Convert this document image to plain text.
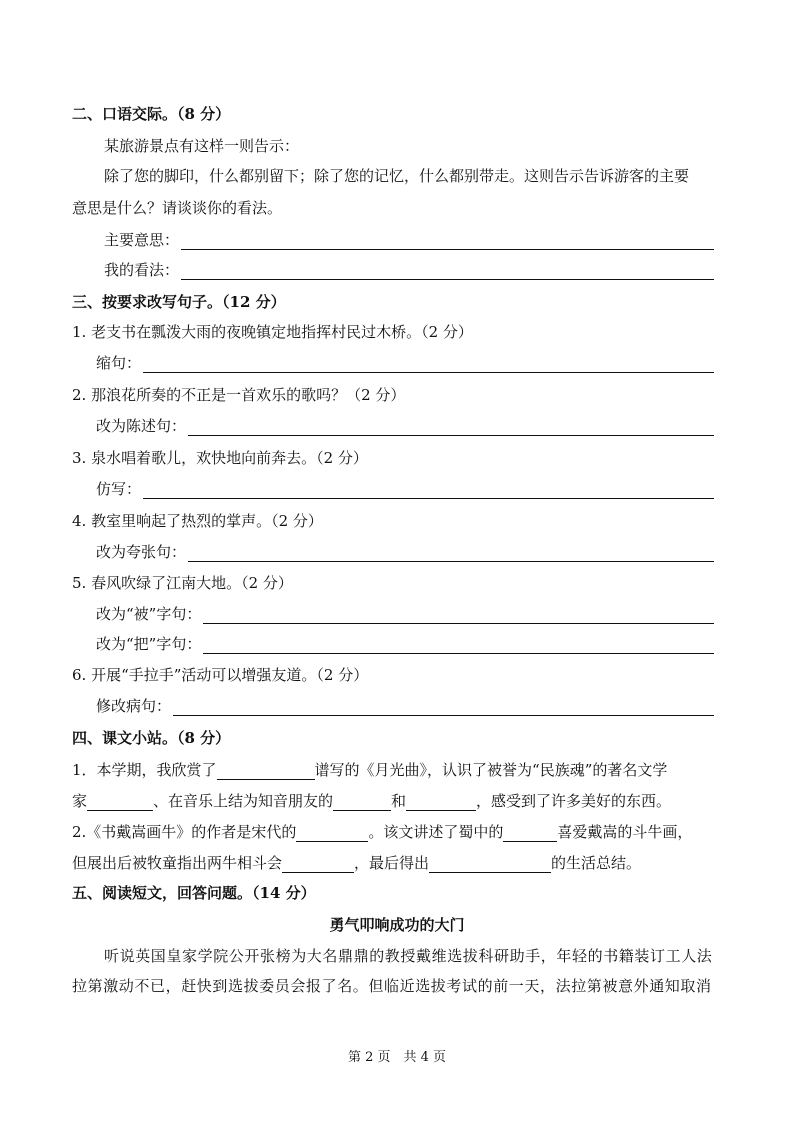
二、口语交际。（8 分）
某旅游景点有这样一则告示：
除了您的脚印，什么都别留下；除了您的记忆，什么都别带走。这则告示告诉游客的主要
意思是什么？请谈谈你的看法。
主要意思：
我的看法：
三、按要求改写句子。（12 分）
1. 老支书在瓢泼大雨的夜晚镇定地指挥村民过木桥。（2 分）
缩句：
2. 那浪花所奏的不正是一首欢乐的歌吗？（2 分）
改为陈述句：
3. 泉水唱着歌儿，欢快地向前奔去。（2 分）
仿写：
4. 教室里响起了热烈的掌声。（2 分）
改为夸张句：
5. 春风吹绿了江南大地。（2 分）
改为“被”字句：
改为“把”字句：
6. 开展“手拉手”活动可以增强友道。（2 分）
修改病句：
四、课文小站。（8 分）
1．本学期，我欣赏了	谱写的《月光曲》，认识了被誉为“民族魂”的著名文学
家	、在音乐上结为知音朋友的	和	，感受到了许多美好的东西。
2.《书戴嵩画牛》的作者是宋代的	。该文讲述了蜀中的	喜爱戴嵩的斗牛画，
但展出后被牧童指出两牛相斗会	，最后得出	的生活总结。
五、阅读短文，回答问题。（14 分）
勇气叩响成功的大门
听说英国皇家学院公开张榜为大名鼎鼎的教授戴维选拔科研助手，年轻的书籍装订工人法
拉第激动不已，赶快到选拔委员会报了名。但临近选拔考试的前一天，法拉第被意外通知取消
第 2 页　共 4 页
